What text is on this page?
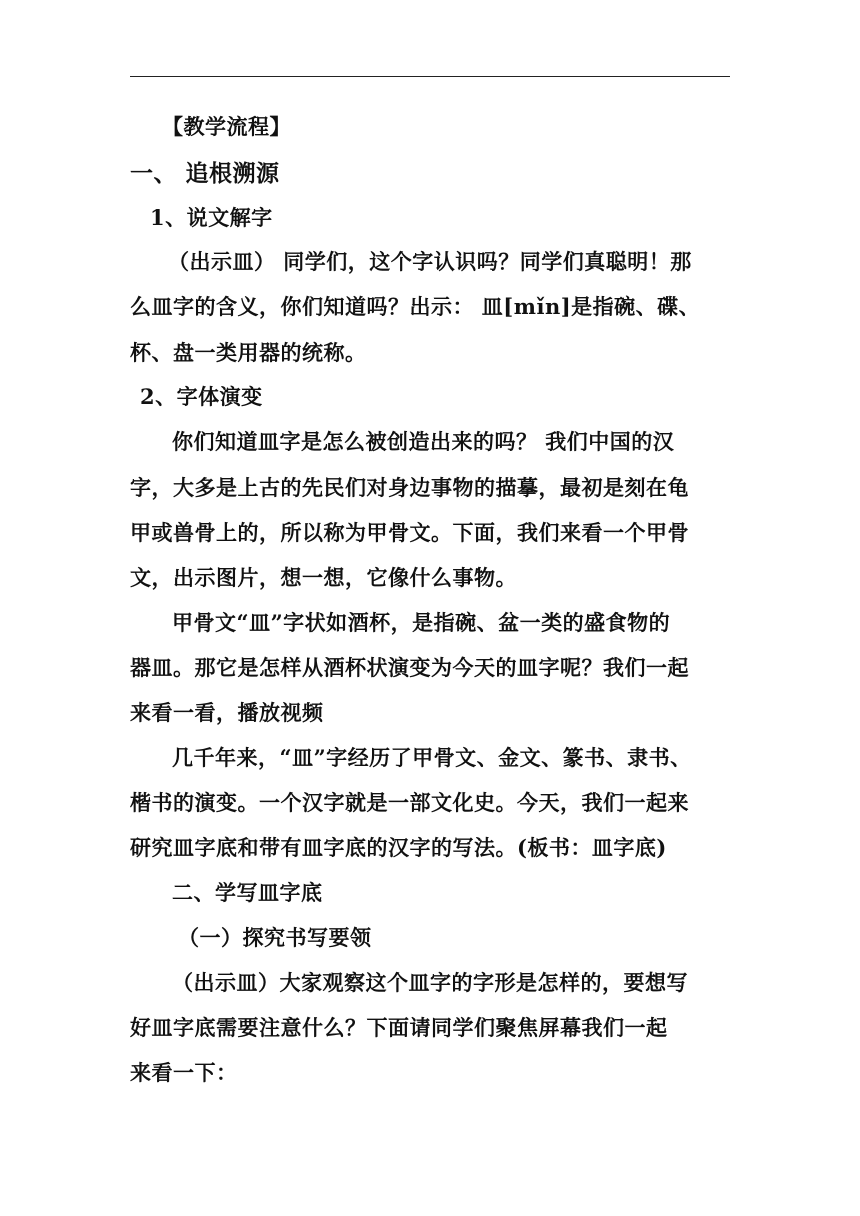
【教学流程】
一、 追根溯源
1、说文解字
（出示皿） 同学们，这个字认识吗？同学们真聪明！那
么皿字的含义，你们知道吗？出示： 皿[mǐn]是指碗、碟、
杯、盘一类用器的统称。
2、字体演变
你们知道皿字是怎么被创造出来的吗？ 我们中国的汉
字，大多是上古的先民们对身边事物的描摹，最初是刻在龟
甲或兽骨上的，所以称为甲骨文。下面，我们来看一个甲骨
文，出示图片，想一想，它像什么事物。
甲骨文“皿”字状如酒杯，是指碗、盆一类的盛食物的
器皿。那它是怎样从酒杯状演变为今天的皿字呢？我们一起
来看一看，播放视频
几千年来，“皿”字经历了甲骨文、金文、篆书、隶书、
楷书的演变。一个汉字就是一部文化史。今天，我们一起来
研究皿字底和带有皿字底的汉字的写法。(板书：皿字底)
二、学写皿字底
（一）探究书写要领
（出示皿）大家观察这个皿字的字形是怎样的，要想写
好皿字底需要注意什么？下面请同学们聚焦屏幕我们一起
来看一下：
